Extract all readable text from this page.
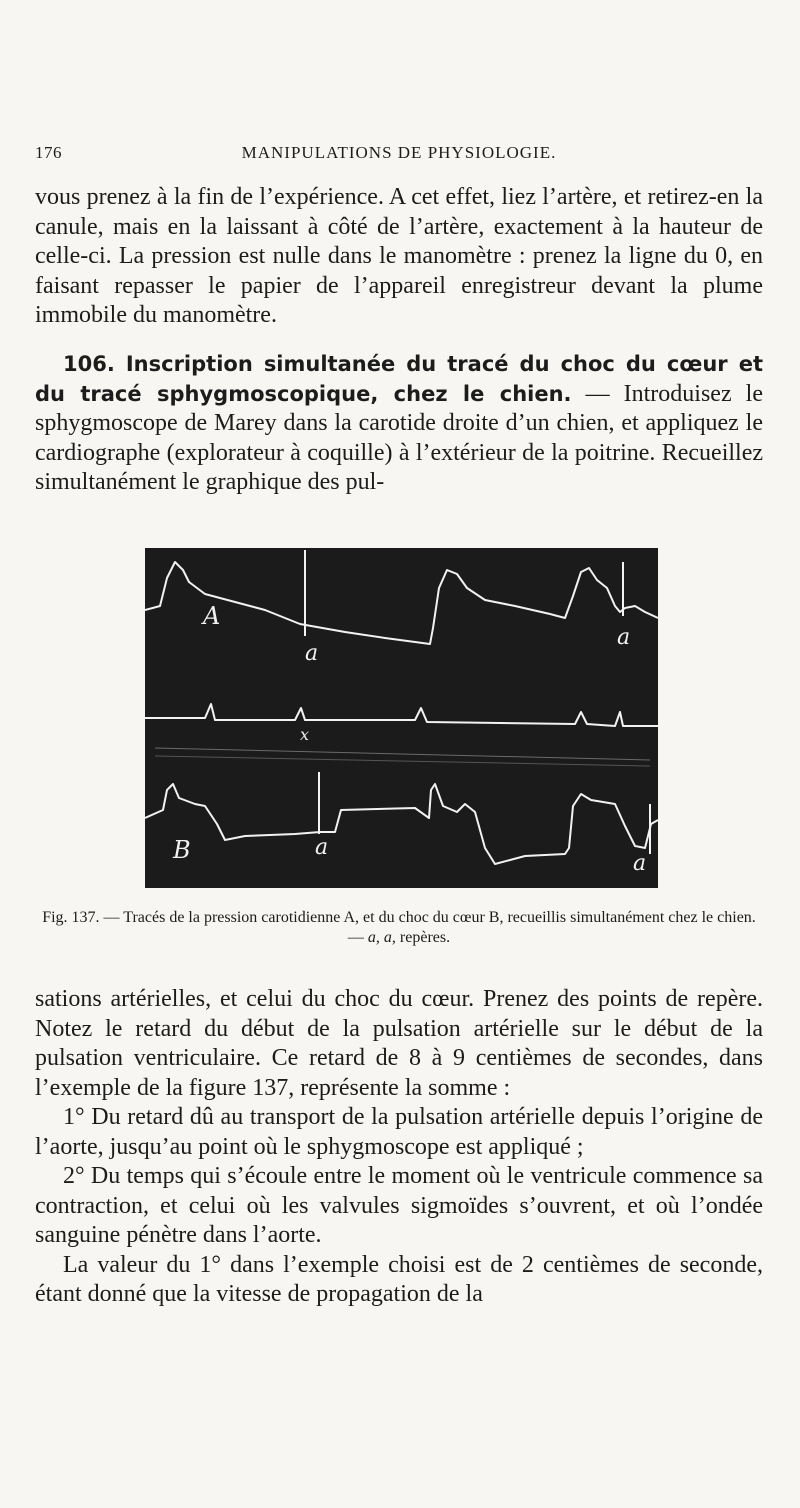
176	MANIPULATIONS DE PHYSIOLOGIE.

vous prenez à la fin de l’expérience. A cet effet, liez l’artère, et retirez-en la canule, mais en la laissant à côté de l’artère, exactement à la hauteur de celle-ci. La pression est nulle dans le manomètre : prenez la ligne du 0, en faisant repasser le papier de l’appareil enregistreur devant la plume immobile du manomètre.

106. Inscription simultanée du tracé du choc du cœur et du tracé sphygmoscopique, chez le chien. — Introduisez le sphygmoscope de Marey dans la carotide droite d’un chien, et appliquez le cardiographe (explorateur à coquille) à l’extérieur de la poitrine. Recueillez simultanément le graphique des pul-

A
a
a
x
B	a
a
Fig. 137. — Tracés de la pression carotidienne A, et du choc du cœur B, recueillis simultanément chez le chien. — a, a, repères.

sations artérielles, et celui du choc du cœur. Prenez des points de repère. Notez le retard du début de la pulsation artérielle sur le début de la pulsation ventriculaire. Ce retard de 8 à 9 centièmes de secondes, dans l’exemple de la figure 137, représente la somme :

1° Du retard dû au transport de la pulsation artérielle depuis l’origine de l’aorte, jusqu’au point où le sphygmoscope est appliqué ;

2° Du temps qui s’écoule entre le moment où le ventricule commence sa contraction, et celui où les valvules sigmoïdes s’ouvrent, et où l’ondée sanguine pénètre dans l’aorte.

La valeur du 1° dans l’exemple choisi est de 2 centièmes de seconde, étant donné que la vitesse de propagation de la
